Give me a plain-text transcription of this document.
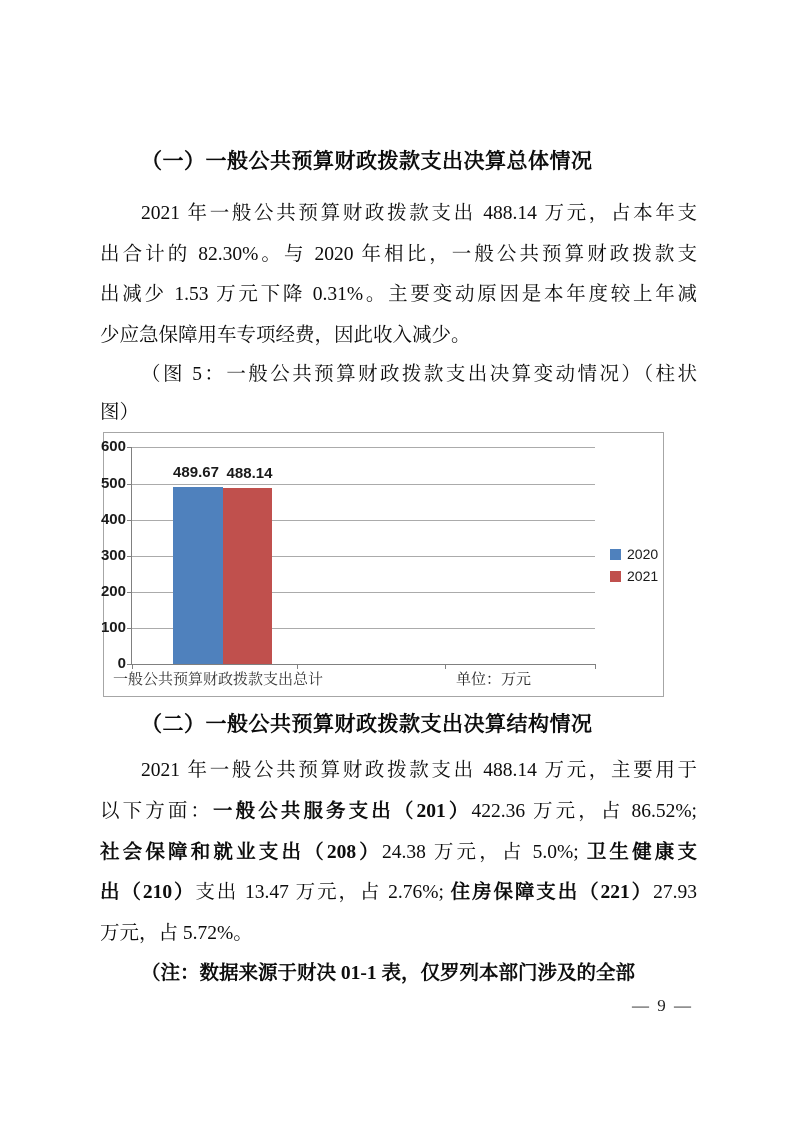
（一）一般公共预算财政拨款支出决算总体情况
2021 年一般公共预算财政拨款支出 488.14 万元，占本年支
出合计的 82.30%。与 2020 年相比，一般公共预算财政拨款支
出减少 1.53 万元下降 0.31%。主要变动原因是本年度较上年减
少应急保障用车专项经费，因此收入减少。
（图 5：一般公共预算财政拨款支出决算变动情况）（柱状
图）
0
100
200
300
400
500
600
489.67 488.14
一般公共预算财政拨款支出总计	单位：万元
2020
2021
（二）一般公共预算财政拨款支出决算结构情况
2021 年一般公共预算财政拨款支出 488.14 万元，主要用于
以下方面：一般公共服务支出（201）422.36 万元，占 86.52%;
社会保障和就业支出（208）24.38 万元，占 5.0%; 卫生健康支
出（210）支出 13.47 万元，占 2.76%; 住房保障支出（221）27.93
万元，占 5.72%。
（注：数据来源于财决 01-1 表，仅罗列本部门涉及的全部
— 9 —
